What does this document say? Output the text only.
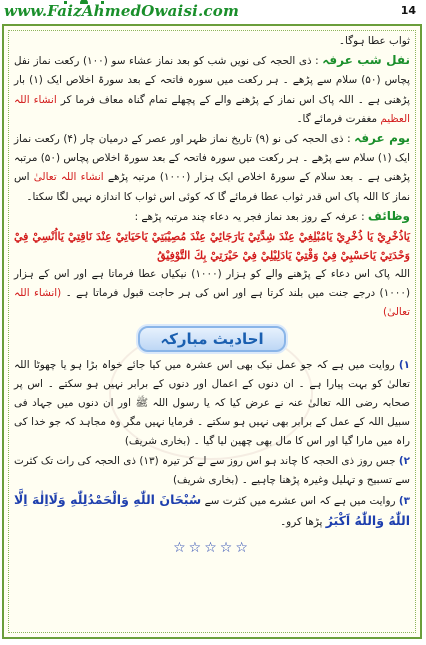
www.FaizAhmedOwaisi.com	14

ثواب عطا ہوگا۔

نفل شب عرفہ : ذی الحجہ کی نویں شب کو بعد نماز عشاء سو (۱۰۰) رکعت نماز نفل پچاس (۵۰) سلام سے پڑھے ۔ ہر رکعت میں سورہ فاتحہ کے بعد سورۃ اخلاص ایک (۱) بار پڑھنی ہے ۔ اللہ پاک اس نماز کے پڑھنے والے کے پچھلے تمام گناہ معاف فرما کر انشاء اللہ العظیم مغفرت فرمائے گا۔

یوم عرفہ : ذی الحجہ کی نو (۹) تاریخ نماز ظہر اور عصر کے درمیان چار (۴) رکعت نماز ایک (۱) سلام سے پڑھے ۔ ہر رکعت میں سورہ فاتحہ کے بعد سورۃ اخلاص پچاس (۵۰) مرتبہ پڑھنی ہے ۔ بعد سلام کے سورۃ اخلاص ایک ہزار (۱۰۰۰) مرتبہ پڑھے انشاء اللہ تعالیٰ اس نماز کا اللہ پاک اس قدر ثواب عطا فرمائے گا کہ کوئی اس ثواب کا اندازہ نہیں لگا سکتا۔

وظائف : عرفہ کے روز بعد نماز فجر یہ دعاء چند مرتبہ پڑھے :

يَاذُخْرِيْ يَا ذُخْرِيْ يَامُبْلِغِيْ عِنْدَ شِدَّتِيْ يَارَجَائِيْ عِنْدَ مُصِيْبَتِيْ يَاحَيَاتِيْ عِنْدَ نَاقِتِيْ يَااُنْسِيْ فِيْ وَحْدَتِيْ يَاحَسْبِيْ فِيْ وَقْتِيْ يَادَلِيْلِيْ فِيْ حَيْرَتِيْ بِكَ التَّوْفِيْقُ

اللہ پاک اس دعاء کے پڑھنے والے کو ہزار (۱۰۰۰) نیکیاں عطا فرماتا ہے اور اس کے ہزار (۱۰۰۰) درجے جنت میں بلند کرتا ہے اور اس کی ہر حاجت قبول فرماتا ہے ۔ (انشاء اللہ تعالیٰ)

احادیث مبارکہ

۱) روایت میں ہے کہ جو عمل نیک بھی اس عشرہ میں کیا جائے خواہ بڑا ہو یا چھوٹا اللہ تعالیٰ کو بہت پیارا ہے ۔ ان دنوں کے اعمال اور دنوں کے برابر نہیں ہو سکتے ۔ اس پر صحابہ رضی اللہ تعالیٰ عنہ نے عرض کیا کہ یا رسول اللہ ﷺ اور ان دنوں میں جہاد فی سبیل اللہ کے عمل کے برابر بھی نہیں ہو سکتے ۔ فرمایا نہیں مگر وہ مجاہد کہ جو خدا کی راہ میں مارا گیا اور اس کا مال بھی چھین لیا گیا ۔ (بخاری شریف)

۲) جس روز ذی الحجہ کا چاند ہو اس روز سے لے کر تیرہ (۱۳) ذی الحجہ کی رات تک کثرت سے تسبیح و تہلیل وغیرہ پڑھنا چاہیے ۔ (بخاری شریف)

۳) روایت میں ہے کہ اس عشرے میں کثرت سے سُبْحَانَ اللّٰهِ وَالْحَمْدُلِلّٰهِ وَلَااِلٰهَ اِلَّا اللّٰهُ وَاللّٰهُ اَكْبَرُ پڑھا کرو۔

☆☆☆☆☆
